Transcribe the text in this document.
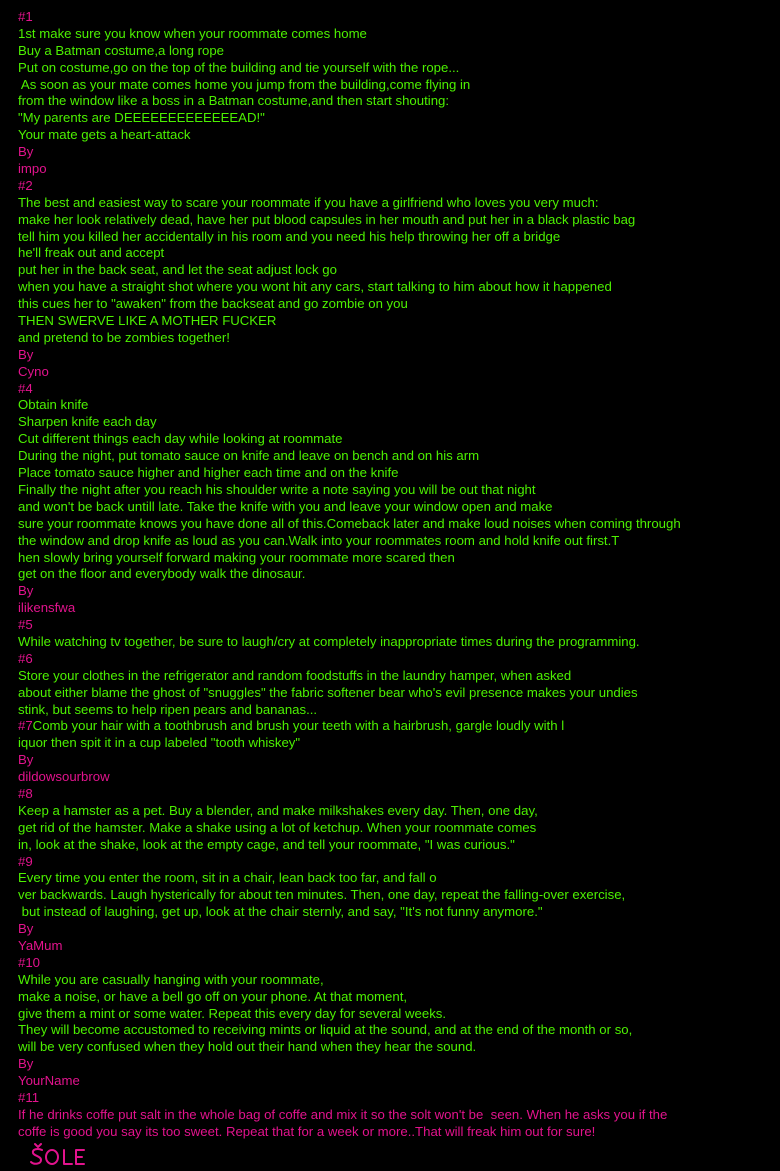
#1
1st make sure you know when your roommate comes home
Buy a Batman costume,a long rope
Put on costume,go on the top of the building and tie yourself with the rope...
As soon as your mate comes home you jump from the building,come flying in
from the window like a boss in a Batman costume,and then start shouting:
"My parents are DEEEEEEEEEEEEEAD!"
Your mate gets a heart-attack
By
impo
#2
The best and easiest way to scare your roommate if you have a girlfriend who loves you very much:
make her look relatively dead, have her put blood capsules in her mouth and put her in a black plastic bag
tell him you killed her accidentally in his room and you need his help throwing her off a bridge
he'll freak out and accept
put her in the back seat, and let the seat adjust lock go
when you have a straight shot where you wont hit any cars, start talking to him about how it happened
this cues her to "awaken" from the backseat and go zombie on you
THEN SWERVE LIKE A MOTHER FUCKER
and pretend to be zombies together!
By
Cyno
#4
Obtain knife
Sharpen knife each day
Cut different things each day while looking at roommate
During the night, put tomato sauce on knife and leave on bench and on his arm
Place tomato sauce higher and higher each time and on the knife
Finally the night after you reach his shoulder write a note saying you will be out that night
and won't be back untill late. Take the knife with you and leave your window open and make
sure your roommate knows you have done all of this.Comeback later and make loud noises when coming through
the window and drop knife as loud as you can.Walk into your roommates room and hold knife out first.T
hen slowly bring yourself forward making your roommate more scared then
get on the floor and everybody walk the dinosaur.
By
ilikensfwa
#5
While watching tv together, be sure to laugh/cry at completely inappropriate times during the programming.
#6
Store your clothes in the refrigerator and random foodstuffs in the laundry hamper, when asked
about either blame the ghost of "snuggles" the fabric softener bear who's evil presence makes your undies
stink, but seems to help ripen pears and bananas...
#7Comb your hair with a toothbrush and brush your teeth with a hairbrush, gargle loudly with l
iquor then spit it in a cup labeled "tooth whiskey"
By
dildowsourbrow
#8
Keep a hamster as a pet. Buy a blender, and make milkshakes every day. Then, one day,
get rid of the hamster. Make a shake using a lot of ketchup. When your roommate comes
in, look at the shake, look at the empty cage, and tell your roommate, "I was curious."
#9
Every time you enter the room, sit in a chair, lean back too far, and fall o
ver backwards. Laugh hysterically for about ten minutes. Then, one day, repeat the falling-over exercise,
but instead of laughing, get up, look at the chair sternly, and say, "It's not funny anymore."
By
YaMum
#10
While you are casually hanging with your roommate,
make a noise, or have a bell go off on your phone. At that moment,
give them a mint or some water. Repeat this every day for several weeks.
They will become accustomed to receiving mints or liquid at the sound, and at the end of the month or so,
will be very confused when they hold out their hand when they hear the sound.
By
YourName
#11
If he drinks coffe put salt in the whole bag of coffe and mix it so the solt won't be  seen. When he asks you if the
coffe is good you say its too sweet. Repeat that for a week or more..That will freak him out for sure!
